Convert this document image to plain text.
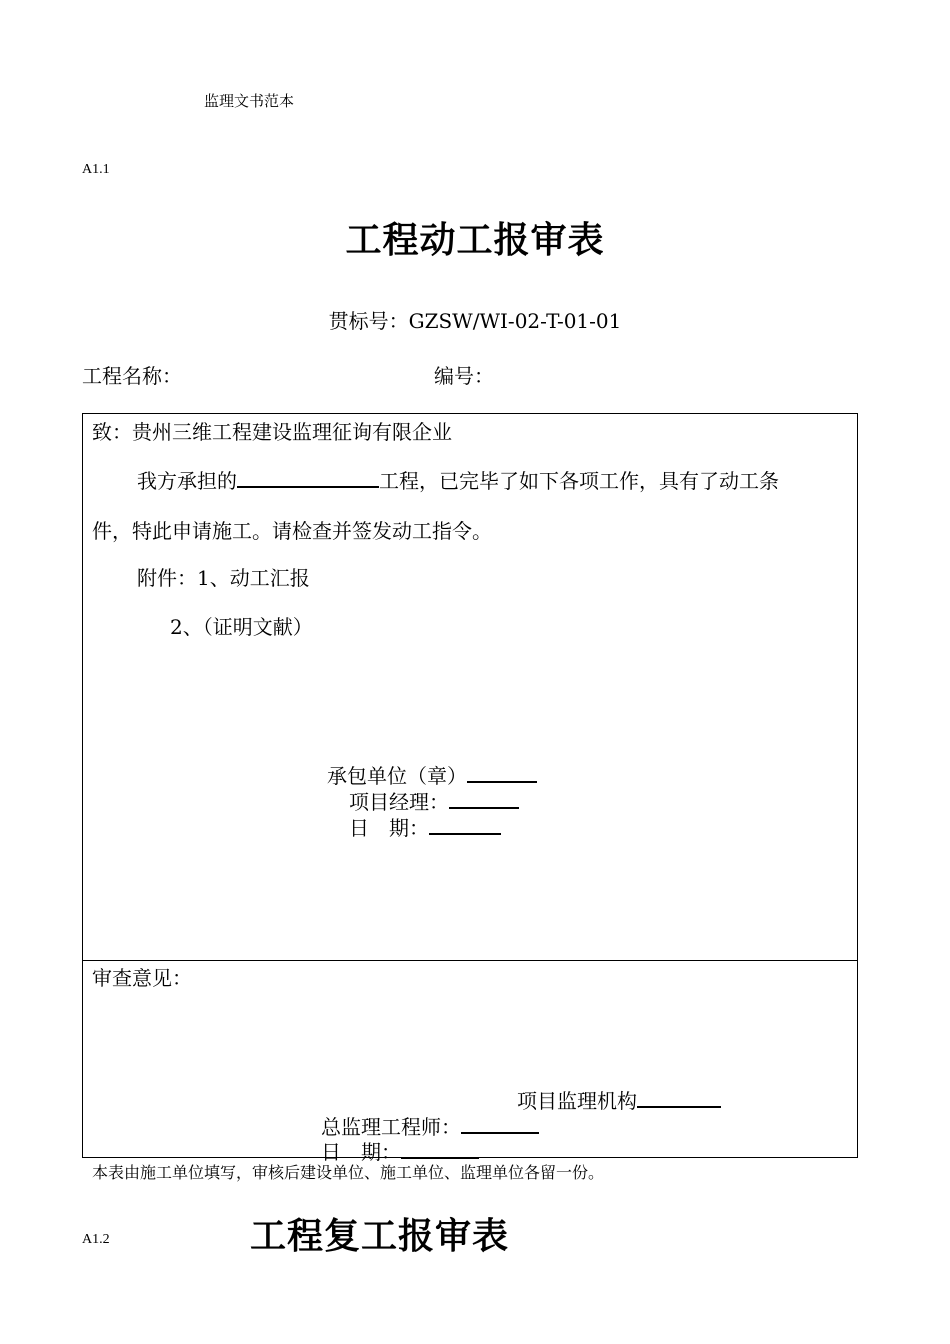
监理文书范本
A1.1
工程动工报审表
贯标号：GZSW/WI-02-T-01-01
工程名称：	编号：
致：贵州三维工程建设监理征询有限企业
我方承担的	工程，已完毕了如下各项工作，具有了动工条
件，特此申请施工。请检查并签发动工指令。
附件：1、动工汇报
2、（证明文献）
承包单位（章）
项目经理：
日　期：
审查意见：
项目监理机构
总监理工程师：
日　期：
本表由施工单位填写，审核后建设单位、施工单位、监理单位各留一份。
A1.2	工程复工报审表
